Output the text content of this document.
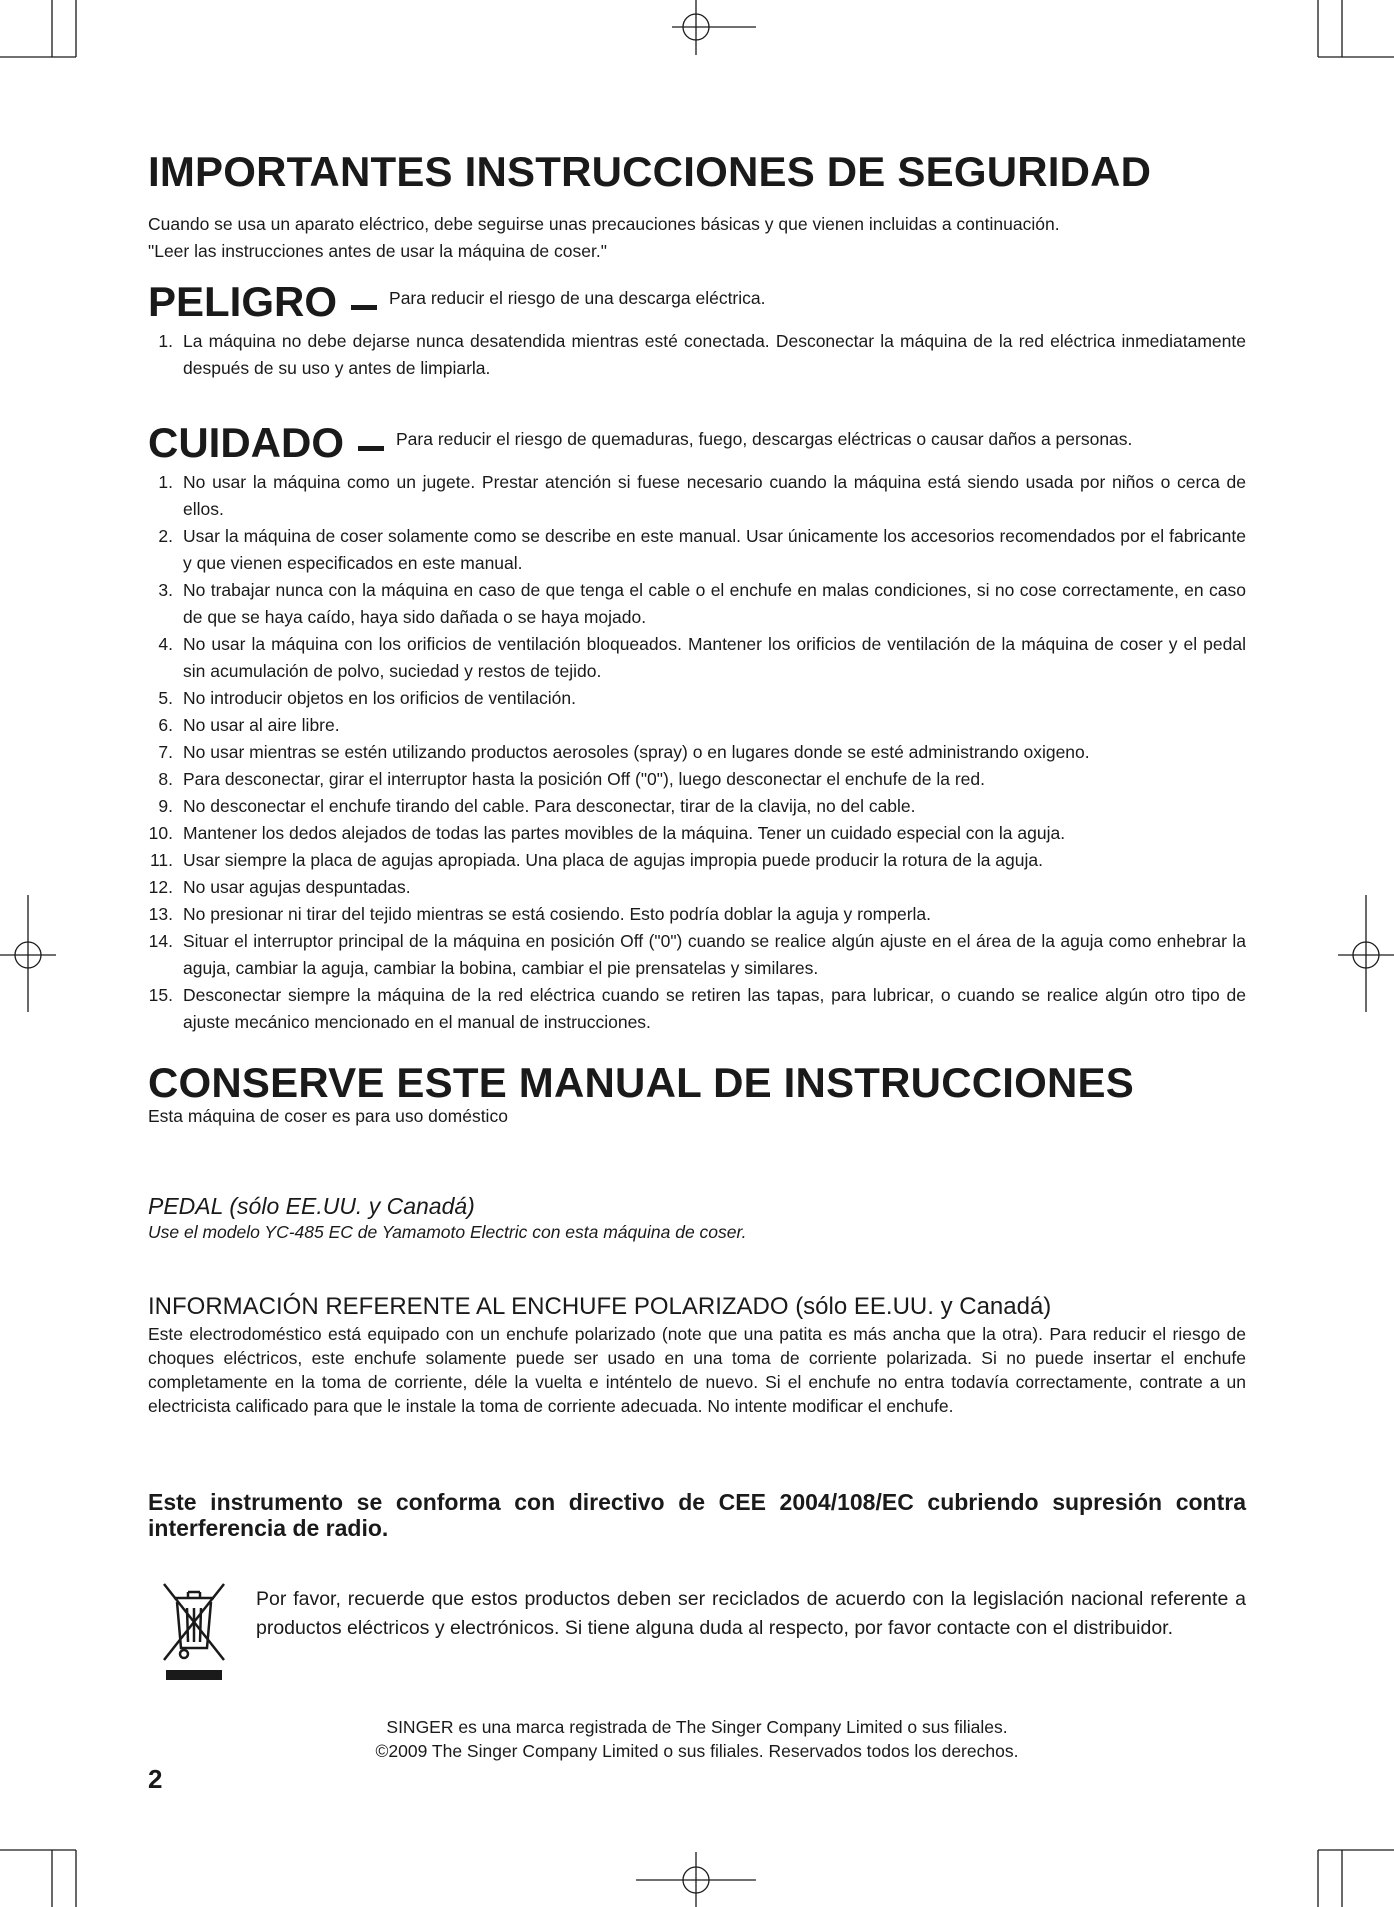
IMPORTANTES INSTRUCCIONES DE SEGURIDAD
Cuando se usa un aparato eléctrico, debe seguirse unas precauciones básicas y que vienen incluidas a continuación.
"Leer las instrucciones antes de usar la máquina de coser."
PELIGRO	Para reducir el riesgo de una descarga eléctrica.
1. La máquina no debe dejarse nunca desatendida mientras esté conectada. Desconectar la máquina de la red eléctrica inmediatamente después de su uso y antes de limpiarla.
CUIDADO	Para reducir el riesgo de quemaduras, fuego, descargas eléctricas o causar daños a personas.
1. No usar la máquina como un jugete. Prestar atención si fuese necesario cuando la máquina está siendo usada por niños o cerca de ellos.
2. Usar la máquina de coser solamente como se describe en este manual. Usar únicamente los accesorios recomendados por el fabricante y que vienen especificados en este manual.
3. No trabajar nunca con la máquina en caso de que tenga el cable o el enchufe en malas condiciones, si no cose correctamente, en caso de que se haya caído, haya sido dañada o se haya mojado.
4. No usar la máquina con los orificios de ventilación bloqueados. Mantener los orificios de ventilación de la máquina de coser y el pedal sin acumulación de polvo, suciedad y restos de tejido.
5. No introducir objetos en los orificios de ventilación.
6. No usar al aire libre.
7. No usar mientras se estén utilizando productos aerosoles (spray) o en lugares donde se esté administrando oxigeno.
8. Para desconectar, girar el interruptor hasta la posición Off ("0"), luego desconectar el enchufe de la red.
9. No desconectar el enchufe tirando del cable. Para desconectar, tirar de la clavija, no del cable.
10. Mantener los dedos alejados de todas las partes movibles de la máquina. Tener un cuidado especial con la aguja.
11. Usar siempre la placa de agujas apropiada. Una placa de agujas impropia puede producir la rotura de la aguja.
12. No usar agujas despuntadas.
13. No presionar ni tirar del tejido mientras se está cosiendo. Esto podría doblar la aguja y romperla.
14. Situar el interruptor principal de la máquina en posición Off ("0") cuando se realice algún ajuste en el área de la aguja como enhebrar la aguja, cambiar la aguja, cambiar la bobina, cambiar el pie prensatelas y similares.
15. Desconectar siempre la máquina de la red eléctrica cuando se retiren las tapas, para lubricar, o cuando se realice algún otro tipo de ajuste mecánico mencionado en el manual de instrucciones.
CONSERVE ESTE MANUAL DE INSTRUCCIONES
Esta máquina de coser es para uso doméstico
PEDAL (sólo EE.UU. y Canadá)
Use el modelo YC-485 EC de Yamamoto Electric con esta máquina de coser.
INFORMACIÓN REFERENTE AL ENCHUFE POLARIZADO (sólo EE.UU. y Canadá)
Este electrodoméstico está equipado con un enchufe polarizado (note que una patita es más ancha que la otra). Para reducir el riesgo de choques eléctricos, este enchufe solamente puede ser usado en una toma de corriente polarizada. Si no puede insertar el enchufe completamente en la toma de corriente, déle la vuelta e inténtelo de nuevo. Si el enchufe no entra todavía correctamente, contrate a un electricista calificado para que le instale la toma de corriente adecuada. No intente modificar el enchufe.
Este instrumento se conforma con directivo de CEE 2004/108/EC cubriendo supresión contra interferencia de radio.
Por favor, recuerde que estos productos deben ser reciclados de acuerdo con la legislación nacional referente a productos eléctricos y electrónicos. Si tiene alguna duda al respecto, por favor contacte con el distribuidor.
SINGER es una marca registrada de The Singer Company Limited o sus filiales.
©2009 The Singer Company Limited o sus filiales. Reservados todos los derechos.
2
